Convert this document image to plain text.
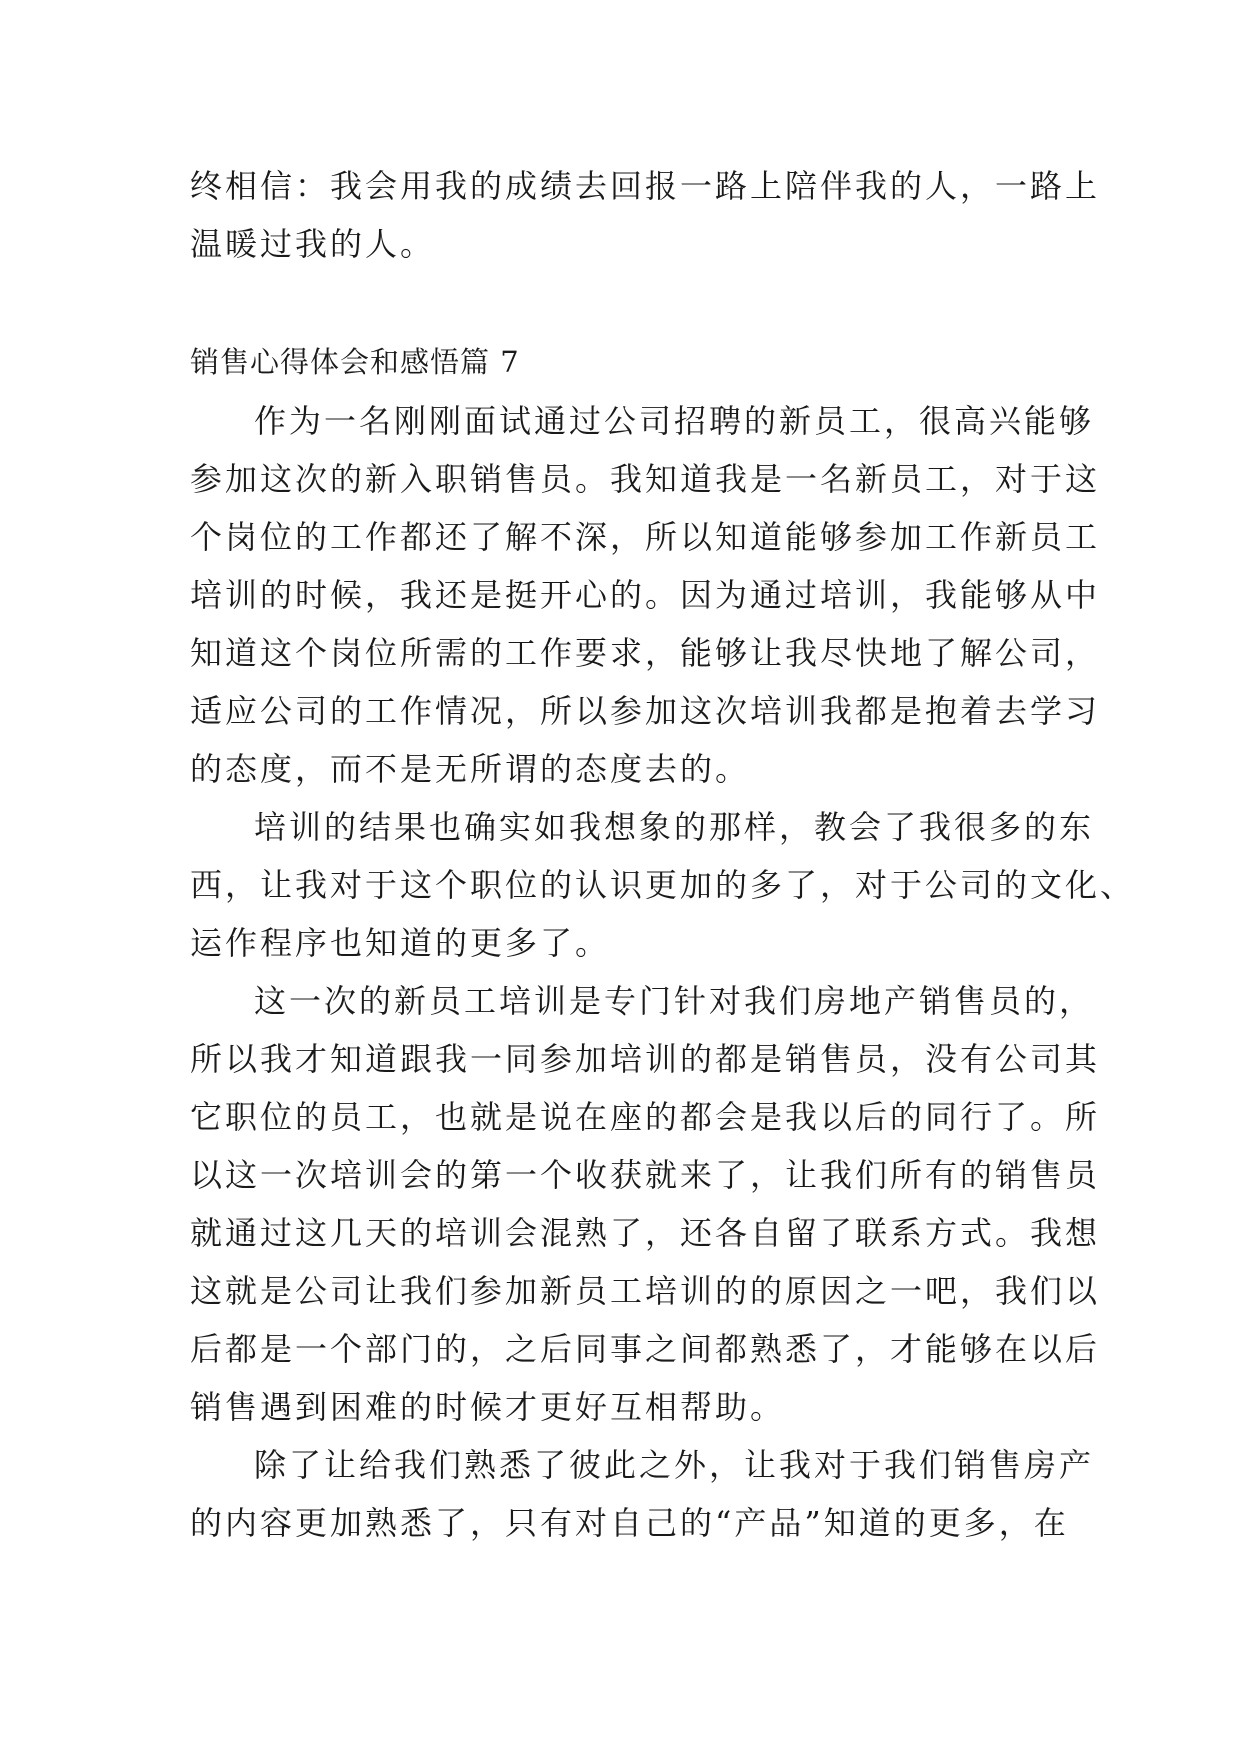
终相信：我会用我的成绩去回报一路上陪伴我的人，一路上
温暖过我的人。
销售心得体会和感悟篇 7
作为一名刚刚面试通过公司招聘的新员工，很高兴能够
参加这次的新入职销售员。我知道我是一名新员工，对于这
个岗位的工作都还了解不深，所以知道能够参加工作新员工
培训的时候，我还是挺开心的。因为通过培训，我能够从中
知道这个岗位所需的工作要求，能够让我尽快地了解公司，
适应公司的工作情况，所以参加这次培训我都是抱着去学习
的态度，而不是无所谓的态度去的。
培训的结果也确实如我想象的那样，教会了我很多的东
西，让我对于这个职位的认识更加的多了，对于公司的文化、
运作程序也知道的更多了。
这一次的新员工培训是专门针对我们房地产销售员的，
所以我才知道跟我一同参加培训的都是销售员，没有公司其
它职位的员工，也就是说在座的都会是我以后的同行了。所
以这一次培训会的第一个收获就来了，让我们所有的销售员
就通过这几天的培训会混熟了，还各自留了联系方式。我想
这就是公司让我们参加新员工培训的的原因之一吧，我们以
后都是一个部门的，之后同事之间都熟悉了，才能够在以后
销售遇到困难的时候才更好互相帮助。
除了让给我们熟悉了彼此之外，让我对于我们销售房产
的内容更加熟悉了，只有对自己的“产品”知道的更多，在
